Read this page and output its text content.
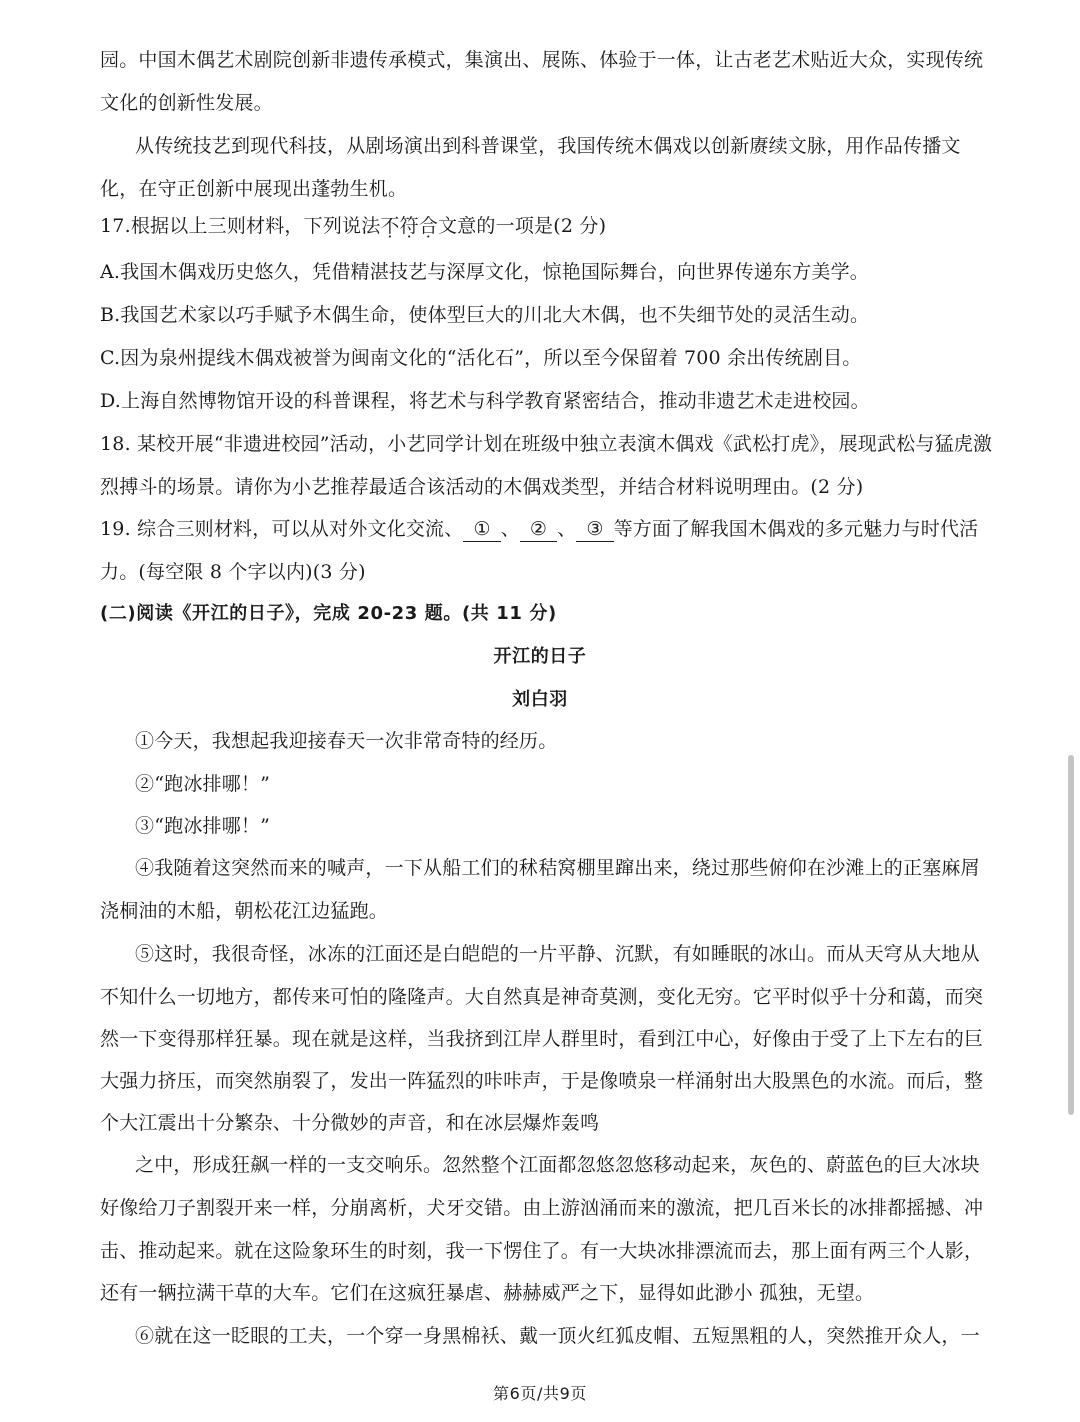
园。中国木偶艺术剧院创新非遗传承模式，集演出、展陈、体验于一体，让古老艺术贴近大众，实现传统
文化的创新性发展。
从传统技艺到现代科技，从剧场演出到科普课堂，我国传统木偶戏以创新赓续文脉，用作品传播文
化，在守正创新中展现出蓬勃生机。
17.根据以上三则材料，下列说法不符合文意的一项是(2 分)
A.我国木偶戏历史悠久，凭借精湛技艺与深厚文化，惊艳国际舞台，向世界传递东方美学。
B.我国艺术家以巧手赋予木偶生命，使体型巨大的川北大木偶，也不失细节处的灵活生动。
C.因为泉州提线木偶戏被誉为闽南文化的“活化石”，所以至今保留着 700 余出传统剧目。
D.上海自然博物馆开设的科普课程，将艺术与科学教育紧密结合，推动非遗艺术走进校园。
18. 某校开展“非遗进校园”活动，小艺同学计划在班级中独立表演木偶戏《武松打虎》，展现武松与猛虎激
烈搏斗的场景。请你为小艺推荐最适合该活动的木偶戏类型，并结合材料说明理由。(2 分)
19. 综合三则材料，可以从对外文化交流、 ① 、 ② 、 ③ 等方面了解我国木偶戏的多元魅力与时代活
力。(每空限 8 个字以内)(3 分)
(二)阅读《开江的日子》，完成 20-23 题。(共 11 分)
开江的日子
刘白羽
①今天，我想起我迎接春天一次非常奇特的经历。
②“跑冰排哪！”
③“跑冰排哪！”
④我随着这突然而来的喊声，一下从船工们的秫秸窝棚里蹿出来，绕过那些俯仰在沙滩上的正塞麻屑
浇桐油的木船，朝松花江边猛跑。
⑤这时，我很奇怪，冰冻的江面还是白皑皑的一片平静、沉默，有如睡眠的冰山。而从天穹从大地从
不知什么一切地方，都传来可怕的隆隆声。大自然真是神奇莫测，变化无穷。它平时似乎十分和蔼，而突
然一下变得那样狂暴。现在就是这样，当我挤到江岸人群里时，看到江中心，好像由于受了上下左右的巨
大强力挤压，而突然崩裂了，发出一阵猛烈的咔咔声，于是像喷泉一样涌射出大股黑色的水流。而后，整
个大江震出十分繁杂、十分微妙的声音，和在冰层爆炸轰鸣
之中，形成狂飙一样的一支交响乐。忽然整个江面都忽悠忽悠移动起来，灰色的、蔚蓝色的巨大冰块
好像给刀子割裂开来一样，分崩离析，犬牙交错。由上游汹涌而来的激流，把几百米长的冰排都摇撼、冲
击、推动起来。就在这险象环生的时刻，我一下愣住了。有一大块冰排漂流而去，那上面有两三个人影，
还有一辆拉满干草的大车。它们在这疯狂暴虐、赫赫威严之下，显得如此渺小 孤独，无望。
⑥就在这一眨眼的工夫，一个穿一身黑棉袄、戴一顶火红狐皮帽、五短黑粗的人，突然推开众人，一
第6页/共9页
